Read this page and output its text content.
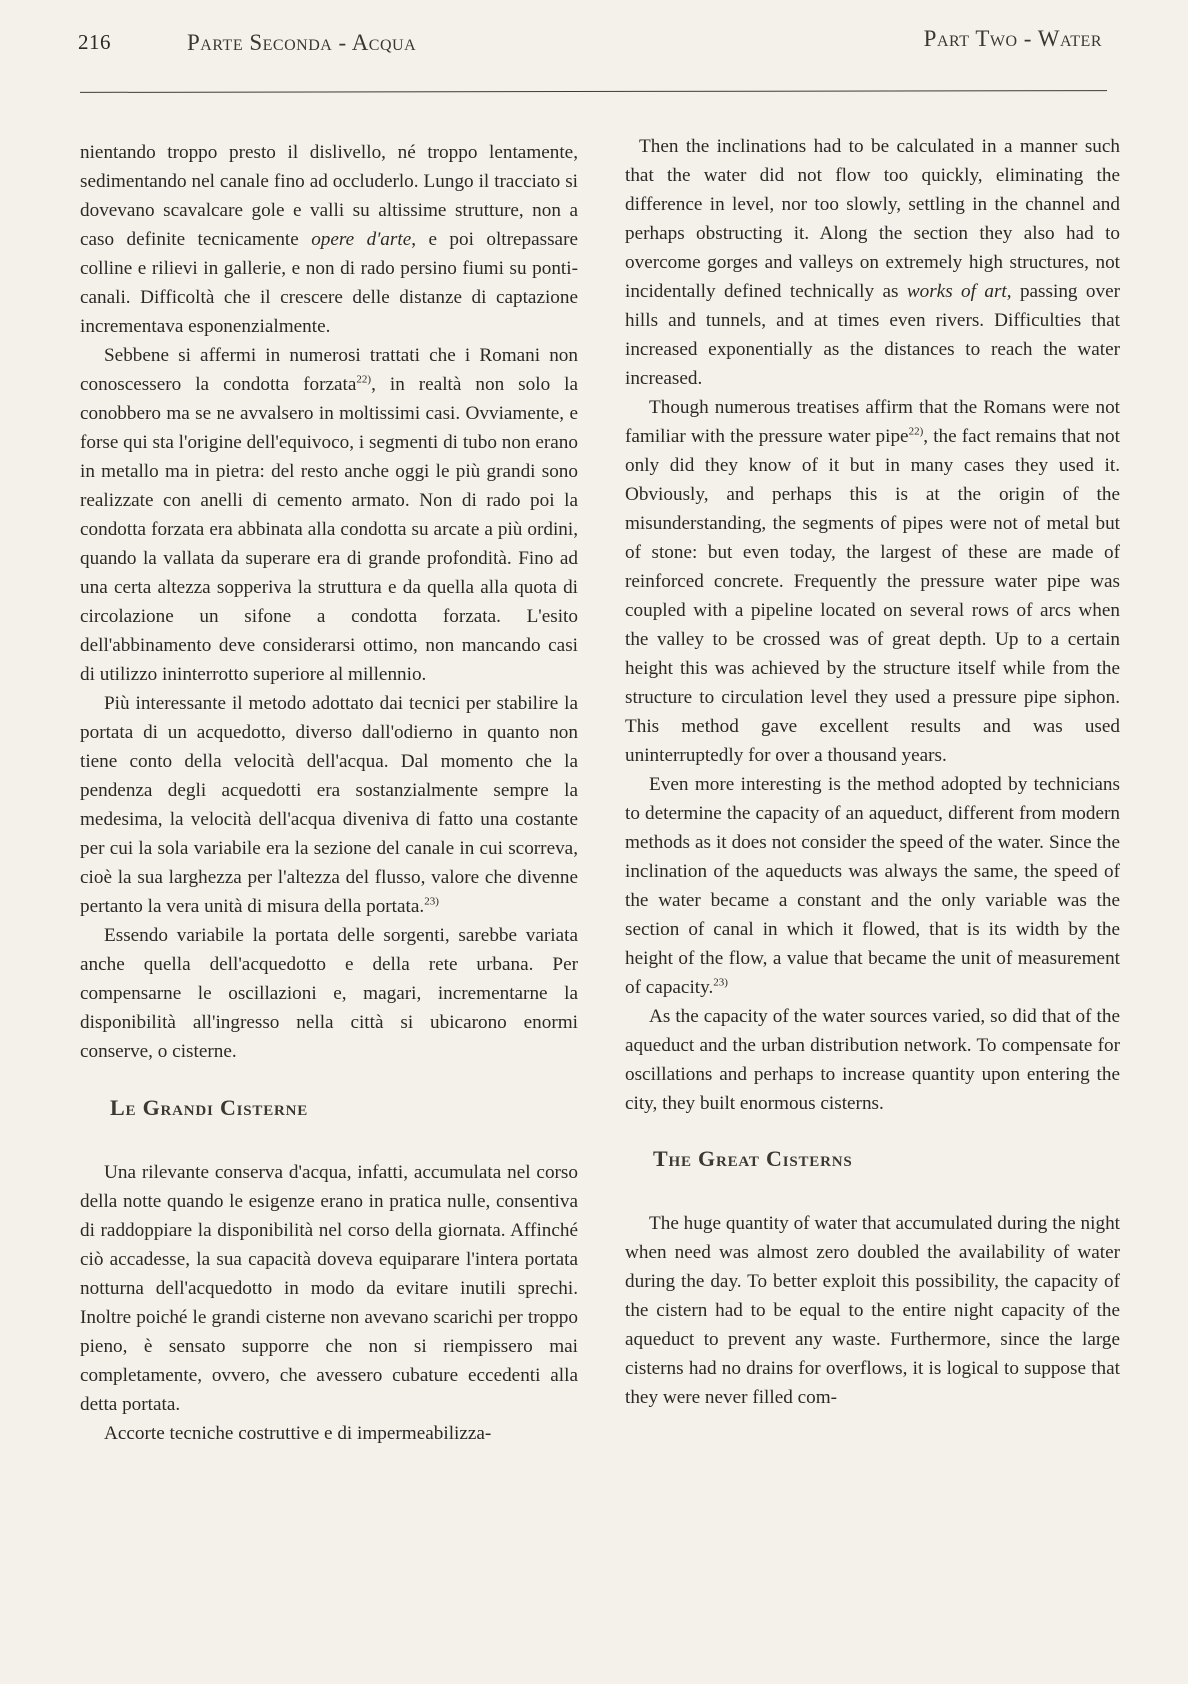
216	Parte Seconda - Acqua	Part Two - Water

nientando troppo presto il dislivello, né troppo lentamente, sedimentando nel canale fino ad occluderlo. Lungo il tracciato si dovevano scavalcare gole e valli su altissime strutture, non a caso definite tecnicamente opere d'arte, e poi oltrepassare colline e rilievi in gallerie, e non di rado persino fiumi su ponti-canali. Difficoltà che il crescere delle distanze di captazione incrementava esponenzialmente.

Sebbene si affermi in numerosi trattati che i Romani non conoscessero la condotta forzata$^{22)}$, in realtà non solo la conobbero ma se ne avvalsero in moltissimi casi. Ovviamente, e forse qui sta l'origine dell'equivoco, i segmenti di tubo non erano in metallo ma in pietra: del resto anche oggi le più grandi sono realizzate con anelli di cemento armato. Non di rado poi la condotta forzata era abbinata alla condotta su arcate a più ordini, quando la vallata da superare era di grande profondità. Fino ad una certa altezza sopperiva la struttura e da quella alla quota di circolazione un sifone a condotta forzata. L'esito dell'abbinamento deve considerarsi ottimo, non mancando casi di utilizzo ininterrotto superiore al millennio.

Più interessante il metodo adottato dai tecnici per stabilire la portata di un acquedotto, diverso dall'odierno in quanto non tiene conto della velocità dell'acqua. Dal momento che la pendenza degli acquedotti era sostanzialmente sempre la medesima, la velocità dell'acqua diveniva di fatto una costante per cui la sola variabile era la sezione del canale in cui scorreva, cioè la sua larghezza per l'altezza del flusso, valore che divenne pertanto la vera unità di misura della portata.$^{23)}$

Essendo variabile la portata delle sorgenti, sarebbe variata anche quella dell'acquedotto e della rete urbana. Per compensarne le oscillazioni e, magari, incrementarne la disponibilità all'ingresso nella città si ubicarono enormi conserve, o cisterne.

Le Grandi Cisterne

Una rilevante conserva d'acqua, infatti, accumulata nel corso della notte quando le esigenze erano in pratica nulle, consentiva di raddoppiare la disponibilità nel corso della giornata. Affinché ciò accadesse, la sua capacità doveva equiparare l'intera portata notturna dell'acquedotto in modo da evitare inutili sprechi. Inoltre poiché le grandi cisterne non avevano scarichi per troppo pieno, è sensato supporre che non si riempissero mai completamente, ovvero, che avessero cubature eccedenti alla detta portata.

Accorte tecniche costruttive e di impermeabilizza-

Then the inclinations had to be calculated in a manner such that the water did not flow too quickly, eliminating the difference in level, nor too slowly, settling in the channel and perhaps obstructing it. Along the section they also had to overcome gorges and valleys on extremely high structures, not incidentally defined technically as works of art, passing over hills and tunnels, and at times even rivers. Difficulties that increased exponentially as the distances to reach the water increased.

Though numerous treatises affirm that the Romans were not familiar with the pressure water pipe$^{22)}$, the fact remains that not only did they know of it but in many cases they used it. Obviously, and perhaps this is at the origin of the misunderstanding, the segments of pipes were not of metal but of stone: but even today, the largest of these are made of reinforced concrete. Frequently the pressure water pipe was coupled with a pipeline located on several rows of arcs when the valley to be crossed was of great depth. Up to a certain height this was achieved by the structure itself while from the structure to circulation level they used a pressure pipe siphon. This method gave excellent results and was used uninterruptedly for over a thousand years.

Even more interesting is the method adopted by technicians to determine the capacity of an aqueduct, different from modern methods as it does not consider the speed of the water. Since the inclination of the aqueducts was always the same, the speed of the water became a constant and the only variable was the section of canal in which it flowed, that is its width by the height of the flow, a value that became the unit of measurement of capacity.$^{23)}$

As the capacity of the water sources varied, so did that of the aqueduct and the urban distribution network. To compensate for oscillations and perhaps to increase quantity upon entering the city, they built enormous cisterns.

The Great Cisterns

The huge quantity of water that accumulated during the night when need was almost zero doubled the availability of water during the day. To better exploit this possibility, the capacity of the cistern had to be equal to the entire night capacity of the aqueduct to prevent any waste. Furthermore, since the large cisterns had no drains for overflows, it is logical to suppose that they were never filled com-
